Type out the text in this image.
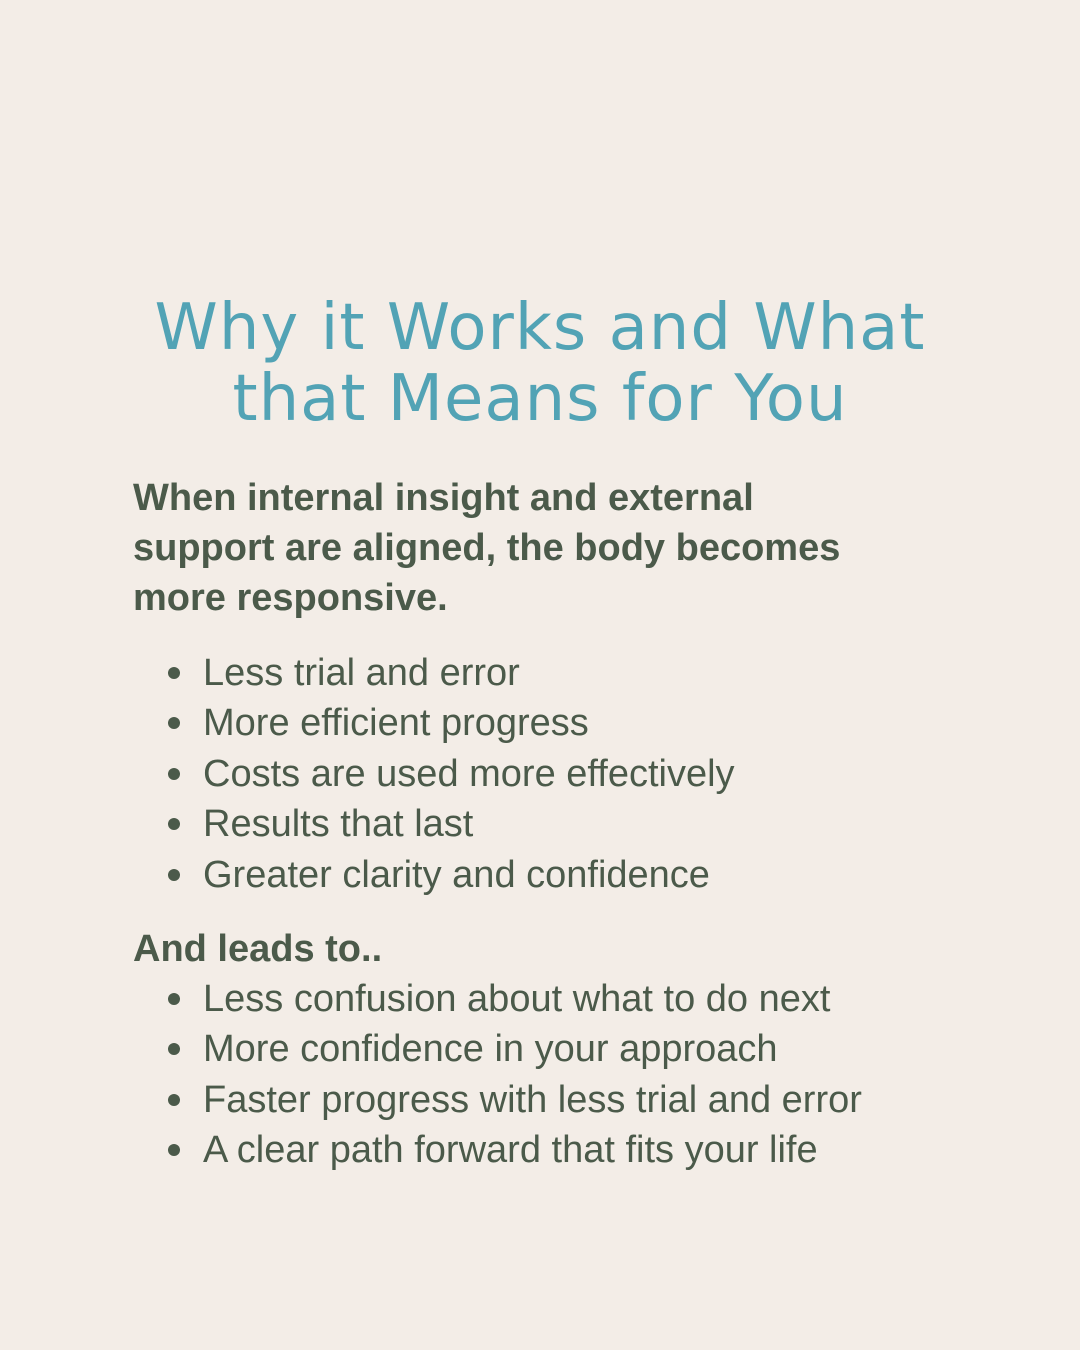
Why it Works and What
that Means for You

When internal insight and external
support are aligned, the body becomes
more responsive.

Less trial and error
More efficient progress
Costs are used more effectively
Results that last
Greater clarity and confidence
And leads to..
Less confusion about what to do next
More confidence in your approach
Faster progress with less trial and error
A clear path forward that fits your life
